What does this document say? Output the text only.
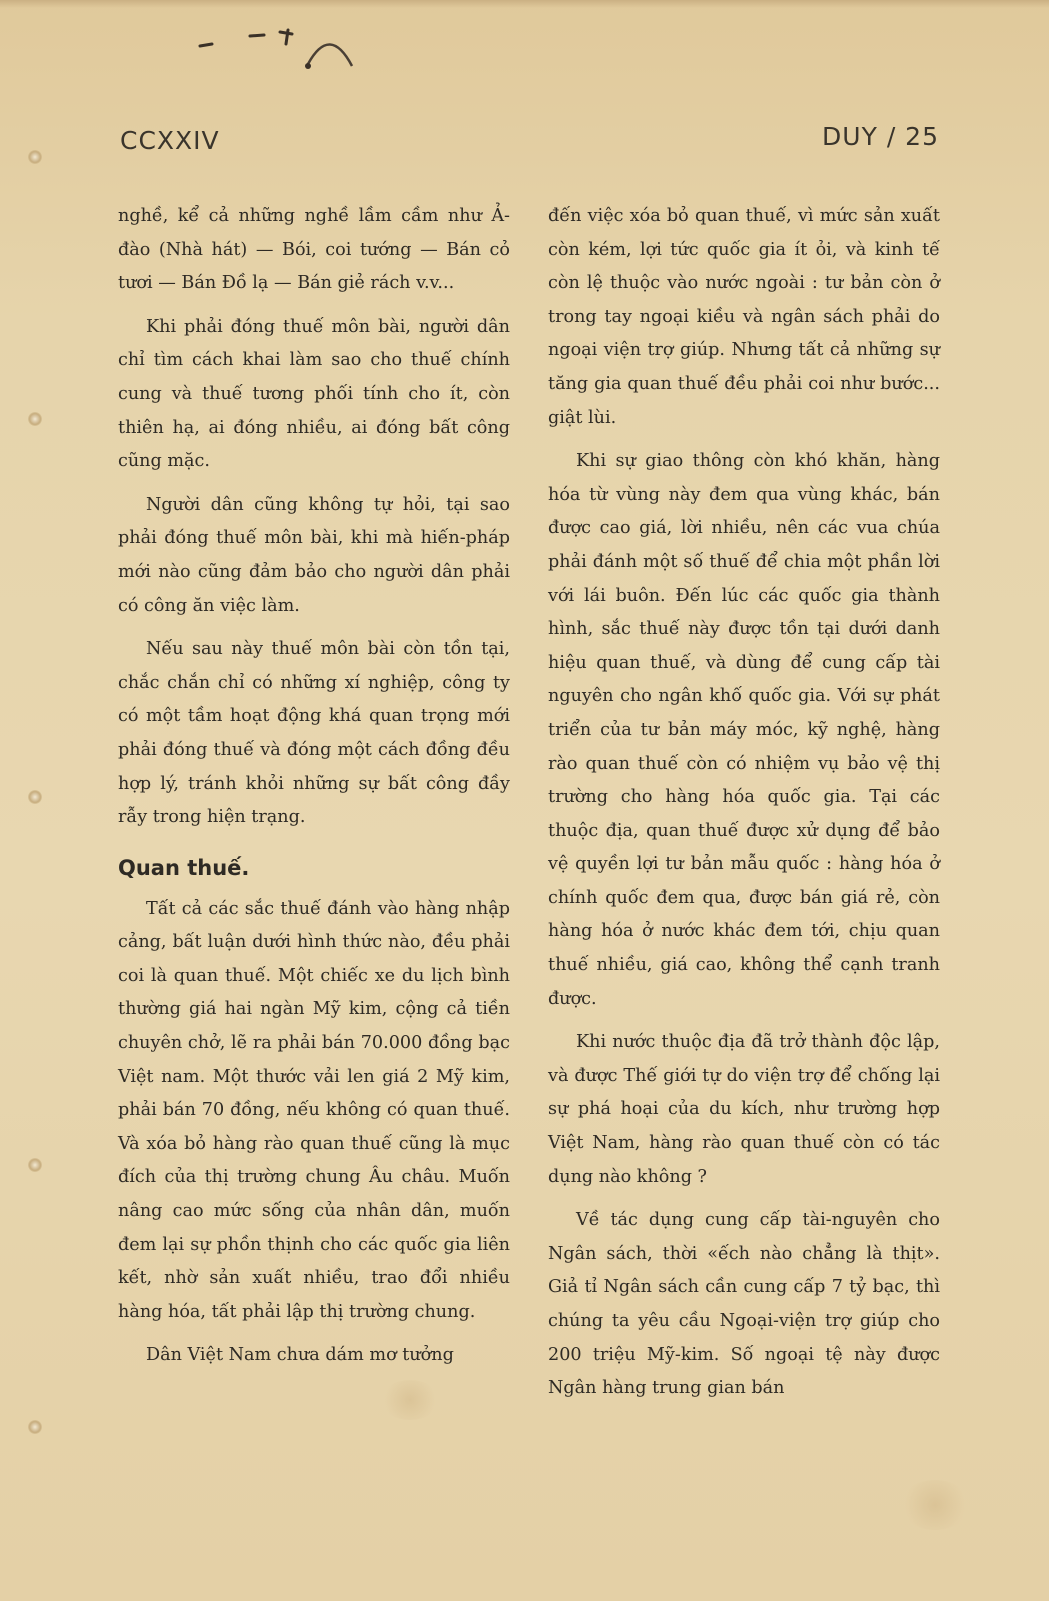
CCXXIV	DUY / 25

nghề, kể cả những nghề lầm cầm như Ả-đào (Nhà hát) — Bói, coi tướng — Bán cỏ tươi — Bán Đồ lạ — Bán giẻ rách v.v...

Khi phải đóng thuế môn bài, người dân chỉ tìm cách khai làm sao cho thuế chính cung và thuế tương phối tính cho ít, còn thiên hạ, ai đóng nhiều, ai đóng bất công cũng mặc.

Người dân cũng không tự hỏi, tại sao phải đóng thuế môn bài, khi mà hiến-pháp mới nào cũng đảm bảo cho người dân phải có công ăn việc làm.

Nếu sau này thuế môn bài còn tồn tại, chắc chắn chỉ có những xí nghiệp, công ty có một tầm hoạt động khá quan trọng mới phải đóng thuế và đóng một cách đồng đều hợp lý, tránh khỏi những sự bất công đầy rẫy trong hiện trạng.

Quan thuế.

Tất cả các sắc thuế đánh vào hàng nhập cảng, bất luận dưới hình thức nào, đều phải coi là quan thuế. Một chiếc xe du lịch bình thường giá hai ngàn Mỹ kim, cộng cả tiền chuyên chở, lẽ ra phải bán 70.000 đồng bạc Việt nam. Một thước vải len giá 2 Mỹ kim, phải bán 70 đồng, nếu không có quan thuế. Và xóa bỏ hàng rào quan thuế cũng là mục đích của thị trường chung Âu châu. Muốn nâng cao mức sống của nhân dân, muốn đem lại sự phồn thịnh cho các quốc gia liên kết, nhờ sản xuất nhiều, trao đổi nhiều hàng hóa, tất phải lập thị trường chung.

Dân Việt Nam chưa dám mơ tưởng

đến việc xóa bỏ quan thuế, vì mức sản xuất còn kém, lợi tức quốc gia ít ỏi, và kinh tế còn lệ thuộc vào nước ngoài : tư bản còn ở trong tay ngoại kiều và ngân sách phải do ngoại viện trợ giúp. Nhưng tất cả những sự tăng gia quan thuế đều phải coi như bước... giật lùi.

Khi sự giao thông còn khó khăn, hàng hóa từ vùng này đem qua vùng khác, bán được cao giá, lời nhiều, nên các vua chúa phải đánh một số thuế để chia một phần lời với lái buôn. Đến lúc các quốc gia thành hình, sắc thuế này được tồn tại dưới danh hiệu quan thuế, và dùng để cung cấp tài nguyên cho ngân khố quốc gia. Với sự phát triển của tư bản máy móc, kỹ nghệ, hàng rào quan thuế còn có nhiệm vụ bảo vệ thị trường cho hàng hóa quốc gia. Tại các thuộc địa, quan thuế được xử dụng để bảo vệ quyền lợi tư bản mẫu quốc : hàng hóa ở chính quốc đem qua, được bán giá rẻ, còn hàng hóa ở nước khác đem tới, chịu quan thuế nhiều, giá cao, không thể cạnh tranh được.

Khi nước thuộc địa đã trở thành độc lập, và được Thế giới tự do viện trợ để chống lại sự phá hoại của du kích, như trường hợp Việt Nam, hàng rào quan thuế còn có tác dụng nào không ?

Về tác dụng cung cấp tài-nguyên cho Ngân sách, thời «ếch nào chẳng là thịt». Giả tỉ Ngân sách cần cung cấp 7 tỷ bạc, thì chúng ta yêu cầu Ngoại-viện trợ giúp cho 200 triệu Mỹ-kim. Số ngoại tệ này được Ngân hàng trung gian bán
